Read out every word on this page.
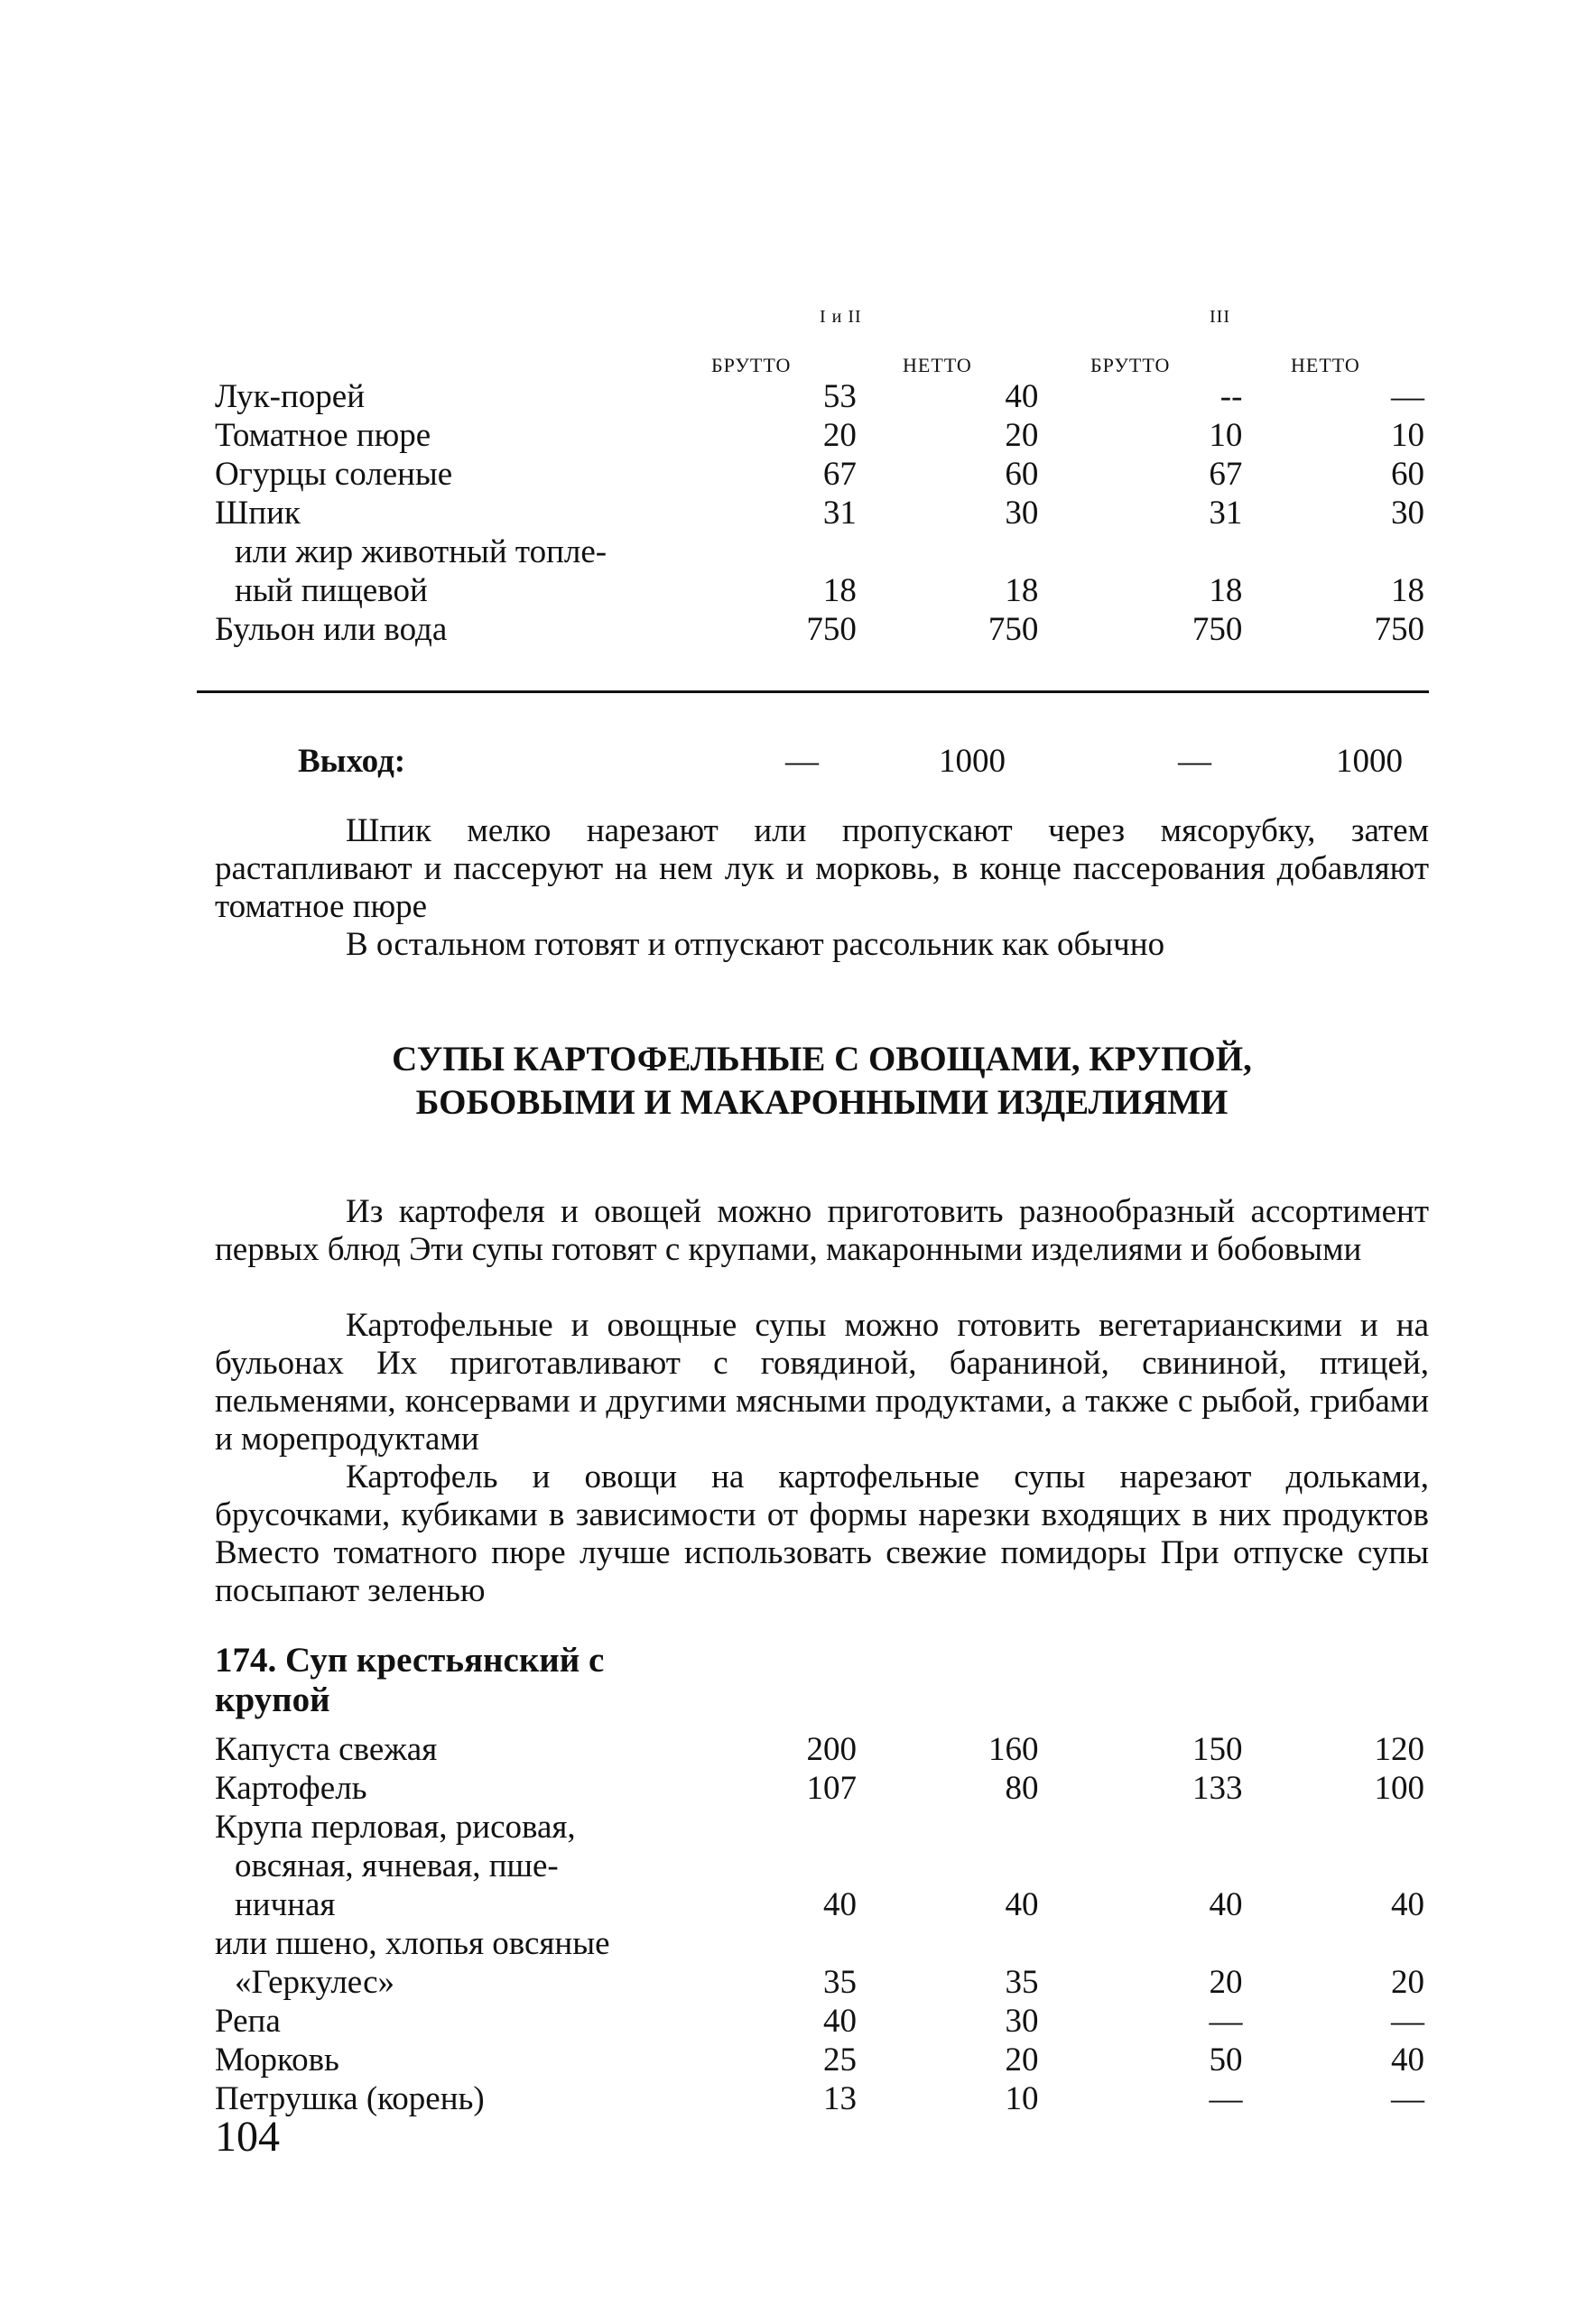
I и II	III
БРУТТО	НЕТТО	БРУТТО	НЕТТО
Лук-порей	53	40	--	—
Томатное пюре	20	20	10	10
Огурцы соленые	67	60	67	60
Шпик	31	30	31	30
или жир животный топле-				
ный пищевой	18	18	18	18
Бульон или вода	750	750	750	750
Выход:	—	1000	—	1000

Шпик мелко нарезают или пропускают через мясорубку, затем растапливают и пассеруют на нем лук и морковь, в конце пассерования добавляют томатное пюре

В остальном готовят и отпускают рассольник как обычно

СУПЫ КАРТОФЕЛЬНЫЕ С ОВОЩАМИ, КРУПОЙ,
БОБОВЫМИ И МАКАРОННЫМИ ИЗДЕЛИЯМИ

Из картофеля и овощей можно приготовить разнообразный ассортимент первых блюд Эти супы готовят с крупами, макаронными изделиями и бобовыми

Картофельные и овощные супы можно готовить вегетарианскими и на бульонах Их приготавливают с говядиной, бараниной, свининой, птицей, пельменями, консервами и другими мясными продуктами, а также с рыбой, грибами и морепродуктами

Картофель и овощи на картофельные супы нарезают дольками, брусочками, кубиками в зависимости от формы нарезки входящих в них продуктов Вместо томатного пюре лучше использовать свежие помидоры При отпуске супы посыпают зеленью

174. Суп крестьянский с крупой
Капуста свежая	200	160	150	120
Картофель	107	80	133	100
Крупа перловая, рисовая,				
овсяная, ячневая, пше-				
ничная	40	40	40	40
или пшено, хлопья овсяные				
«Геркулес»	35	35	20	20
Репа	40	30	—	—
Морковь	25	20	50	40
Петрушка (корень)	13	10	—	—
104
